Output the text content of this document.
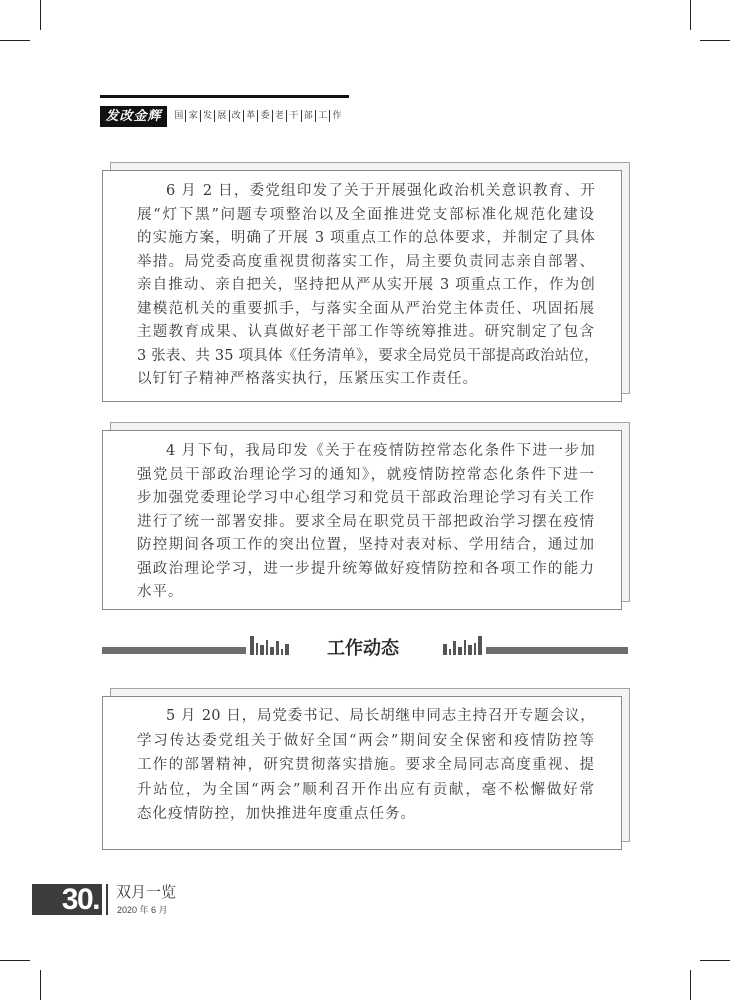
发改金辉	国 家 发 展 改 革 委 老 干 部 工 作
6 月 2 日，委党组印发了关于开展强化政治机关意识教育、开
展“灯下黑”问题专项整治以及全面推进党支部标准化规范化建设
的实施方案，明确了开展 3 项重点工作的总体要求，并制定了具体
举措。局党委高度重视贯彻落实工作，局主要负责同志亲自部署、
亲自推动、亲自把关，坚持把从严从实开展 3 项重点工作，作为创
建模范机关的重要抓手，与落实全面从严治党主体责任、巩固拓展
主题教育成果、认真做好老干部工作等统筹推进。研究制定了包含
3 张表、共 35 项具体《任务清单》，要求全局党员干部提高政治站位，
以钉钉子精神严格落实执行，压紧压实工作责任。
4 月下旬，我局印发《关于在疫情防控常态化条件下进一步加
强党员干部政治理论学习的通知》，就疫情防控常态化条件下进一
步加强党委理论学习中心组学习和党员干部政治理论学习有关工作
进行了统一部署安排。要求全局在职党员干部把政治学习摆在疫情
防控期间各项工作的突出位置，坚持对表对标、学用结合，通过加
强政治理论学习，进一步提升统筹做好疫情防控和各项工作的能力
水平。
工作动态
5 月 20 日，局党委书记、局长胡继申同志主持召开专题会议，
学习传达委党组关于做好全国“两会”期间安全保密和疫情防控等
工作的部署精神，研究贯彻落实措施。要求全局同志高度重视、提
升站位，为全国“两会”顺利召开作出应有贡献，毫不松懈做好常
态化疫情防控，加快推进年度重点任务。
30. 双月一览
2020 年 6 月
